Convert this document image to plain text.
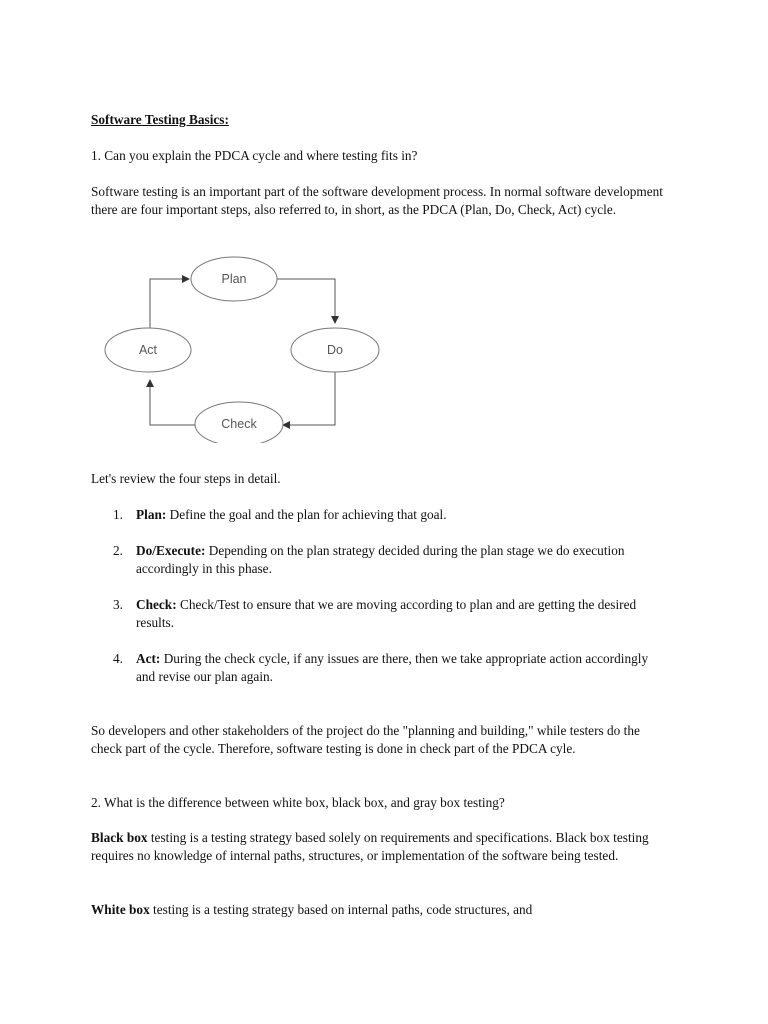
Software Testing Basics:

1. Can you explain the PDCA cycle and where testing fits in?

Software testing is an important part of the software development process. In normal software development there are four important steps, also referred to, in short, as the PDCA (Plan, Do, Check, Act) cycle.

Plan
Do
Check
Act

Let's review the four steps in detail.

1. Plan: Define the goal and the plan for achieving that goal.
2. Do/Execute: Depending on the plan strategy decided during the plan stage we do execution accordingly in this phase.
3. Check: Check/Test to ensure that we are moving according to plan and are getting the desired results.
4. Act: During the check cycle, if any issues are there, then we take appropriate action accordingly and revise our plan again.

So developers and other stakeholders of the project do the "planning and building," while testers do the check part of the cycle. Therefore, software testing is done in check part of the PDCA cyle.

2. What is the difference between white box, black box, and gray box testing?

Black box testing is a testing strategy based solely on requirements and specifications. Black box testing requires no knowledge of internal paths, structures, or implementation of the software being tested.

White box testing is a testing strategy based on internal paths, code structures, and
